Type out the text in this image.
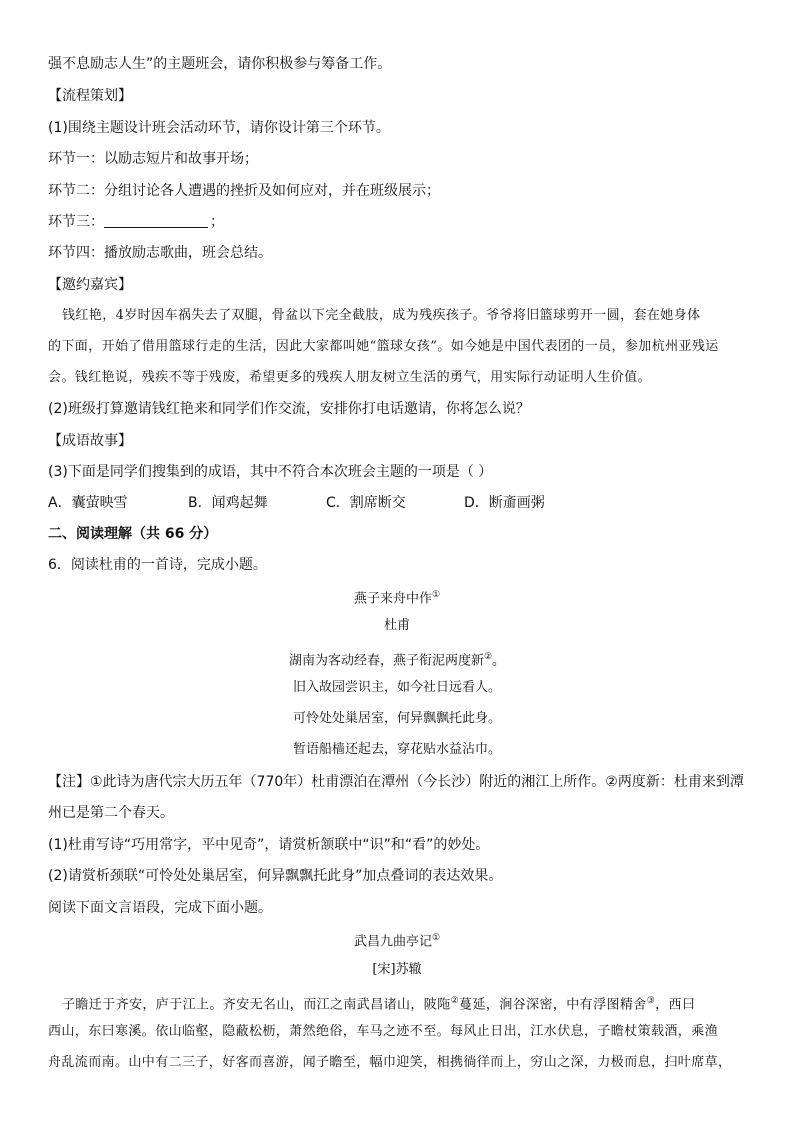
强不息励志人生”的主题班会，请你积极参与筹备工作。
【流程策划】
(1)围绕主题设计班会活动环节，请你设计第三个环节。
环节一：以励志短片和故事开场；
环节二：分组讨论各人遭遇的挫折及如何应对，并在班级展示；
环节三：	；
环节四：播放励志歌曲，班会总结。
【邀约嘉宾】
钱红艳，4岁时因车祸失去了双腿，骨盆以下完全截肢，成为残疾孩子。爷爷将旧篮球剪开一圆，套在她身体
的下面，开始了借用篮球行走的生活，因此大家都叫她“篮球女孩”。如今她是中国代表团的一员，参加杭州亚残运
会。钱红艳说，残疾不等于残废，希望更多的残疾人朋友树立生活的勇气，用实际行动证明人生价值。
(2)班级打算邀请钱红艳来和同学们作交流，安排你打电话邀请，你将怎么说？
【成语故事】
(3)下面是同学们搜集到的成语，其中不符合本次班会主题的一项是（ ）
A．囊萤映雪	B．闻鸡起舞	C．割席断交	D．断齑画粥
二、阅读理解（共 66 分）
6．阅读杜甫的一首诗，完成小题。
燕子来舟中作①
杜甫
湖南为客动经春，燕子衔泥两度新②。
旧入故园尝识主，如今社日远看人。
可怜处处巢居室，何异飘飘托此身。
暂语船樯还起去，穿花贴水益沾巾。
【注】①此诗为唐代宗大历五年（770年）杜甫漂泊在潭州（今长沙）附近的湘江上所作。②两度新：杜甫来到潭
州已是第二个春天。
(1)杜甫写诗“巧用常字，平中见奇”，请赏析颔联中“识”和“看”的妙处。
(2)请赏析颈联“可怜处处巢居室，何异飘飘托此身”加点叠词的表达效果。
阅读下面文言语段，完成下面小题。
武昌九曲亭记①
[宋]苏辙
子瞻迁于齐安，庐于江上。齐安无名山，而江之南武昌诸山，陂陁②蔓延，涧谷深密，中有浮图精舍③，西曰
西山，东曰寒溪。依山临壑，隐蔽松枥，萧然绝俗，车马之迹不至。每风止日出，江水伏息，子瞻杖策载酒，乘渔
舟乱流而南。山中有二三子，好客而喜游，闻子瞻至，幅巾迎笑，相携徜徉而上，穷山之深，力极而息，扫叶席草，
